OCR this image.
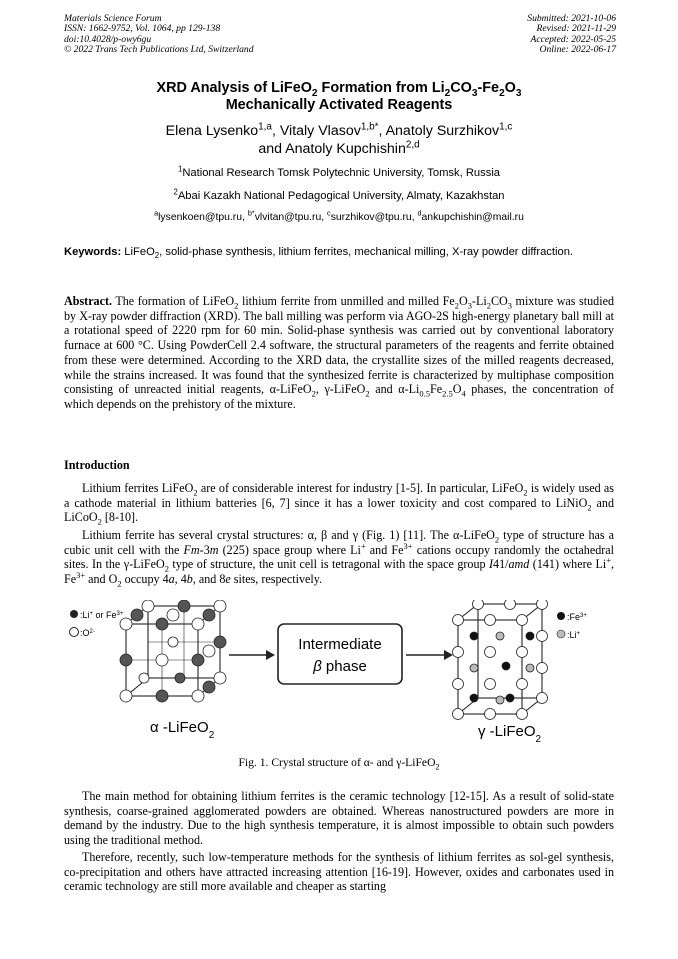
Materials Science Forum
ISSN: 1662-9752, Vol. 1064, pp 129-138
doi:10.4028/p-owy6gu
© 2022 Trans Tech Publications Ltd, Switzerland
Submitted: 2021-10-06
Revised: 2021-11-29
Accepted: 2022-05-25
Online: 2022-06-17
XRD Analysis of LiFeO$_2$ Formation from $Li_2CO_3-Fe_2O_3$
Mechanically Activated Reagents
Elena Lysenko$^{1,a}$, Vitaly Vlasov$^{1,b*}$, Anatoly Surzhikov$^{1,c}$
and Anatoly Kupchishin$^{2,d}$
$^1$National Research Tomsk Polytechnic University, Tomsk, Russia
$^2$Abai Kazakh National Pedagogical University, Almaty, Kazakhstan
$^a$lysenkoen@tpu.ru, $^{b*}$vlvitan@tpu.ru, $^c$surzhikov@tpu.ru, $^d$ankupchishin@mail.ru
Keywords: LiFeO$_2$, solid-phase synthesis, lithium ferrites, mechanical milling, X-ray powder diffraction.
Abstract. The formation of LiFeO$_2$ lithium ferrite from unmilled and milled $Fe_2O_3-Li_2CO_3$ mixture was studied by X-ray powder diffraction (XRD). The ball milling was perform via AGO-2S high-energy planetary ball mill at a rotational speed of 2220 rpm for 60 min. Solid-phase synthesis was carried out by conventional laboratory furnace at 600 °C. Using PowderCell 2.4 software, the structural parameters of the reagents and ferrite obtained from these were determined. According to the XRD data, the crystallite sizes of the milled reagents decreased, while the strains increased. It was found that the synthesized ferrite is characterized by multiphase composition consisting of unreacted initial reagents, α-LiFeO$_2$, γ-LiFeO$_2$ and $\alpha-Li_{0.5}Fe_{2.5}O_4$ phases, the concentration of which depends on the prehistory of the mixture.
Introduction
Lithium ferrites LiFeO$_2$ are of considerable interest for industry [1-5]. In particular, LiFeO$_2$ is widely used as a cathode material in lithium batteries [6, 7] since it has a lower toxicity and cost compared to LiNiO$_2$ and LiCoO$_2$ [8-10].
Lithium ferrite has several crystal structures: α, β and γ (Fig. 1) [11]. The α-LiFeO$_2$ type of structure has a cubic unit cell with the Fm-3m (225) space group where Li+ and $Fe^{3+}$ cations occupy randomly the octahedral sites. In the γ-LiFeO$_2$ type of structure, the unit cell is tetragonal with the space group I41/amd (141) where Li+, $Fe^{3+}$ and $O_2$ occupy 4a, 4b, and 8e sites, respectively.
:Li+ or $Fe^{3+}$
$:O^{2-}$
α -LiFeO$_2$
Intermediate
β phase
γ -LiFeO$_2$
$:Fe^{3+}$
:Li+
Fig. 1. Crystal structure of α- and γ-LiFeO$_2$
The main method for obtaining lithium ferrites is the ceramic technology [12-15]. As a result of solid-state synthesis, coarse-grained agglomerated powders are obtained. Whereas nanostructured powders are more in demand by the industry. Due to the high synthesis temperature, it is almost impossible to obtain such powders using the traditional method.
Therefore, recently, such low-temperature methods for the synthesis of lithium ferrites as sol-gel synthesis, co-precipitation and others have attracted increasing attention [16-19]. However, oxides and carbonates used in ceramic technology are still more available and cheaper as starting
